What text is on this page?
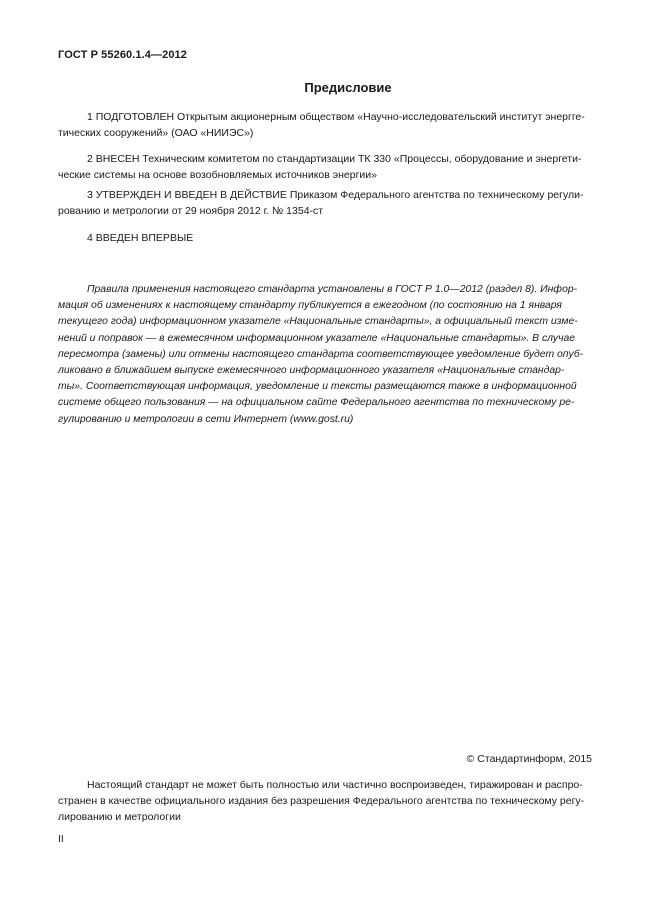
ГОСТ Р 55260.1.4—2012
Предисловие
1 ПОДГОТОВЛЕН Открытым акционерным обществом «Научно-исследовательский институт энергге-
тических сооружений» (ОАО «НИИЭС»)
2 ВНЕСЕН Техническим комитетом по стандартизации ТК 330 «Процессы, оборудование и энергети-
ческие системы на основе возобновляемых источников энергии»
3 УТВЕРЖДЕН И ВВЕДЕН В ДЕЙСТВИЕ Приказом Федерального агентства по техническому регули-
рованию и метрологии от 29 ноября 2012 г. № 1354-ст
4 ВВЕДЕН ВПЕРВЫЕ
Правила применения настоящего стандарта установлены в ГОСТ Р 1.0—2012 (раздел 8). Инфор-
мация об изменениях к настоящему стандарту публикуется в ежегодном (по состоянию на 1 января
текущего года) информационном указателе «Национальные стандарты», а официальный текст изме-
нений и поправок — в ежемесячном информационном указателе «Национальные стандарты». В случае
пересмотра (замены) или отмены настоящего стандарта соответствующее уведомление будет опуб-
ликовано в ближайшем выпуске ежемесячного информационного указателя «Национальные стандар-
ты». Соответствующая информация, уведомление и тексты размещаются также в информационной
системе общего пользования — на официальном сайте Федерального агентства по техническому ре-
гулированию и метрологии в сети Интернет (www.gost.ru)
© Стандартинформ, 2015
Настоящий стандарт не может быть полностью или частично воспроизведен, тиражирован и распро-
странен в качестве официального издания без разрешения Федерального агентства по техническому регу-
лированию и метрологии
II
